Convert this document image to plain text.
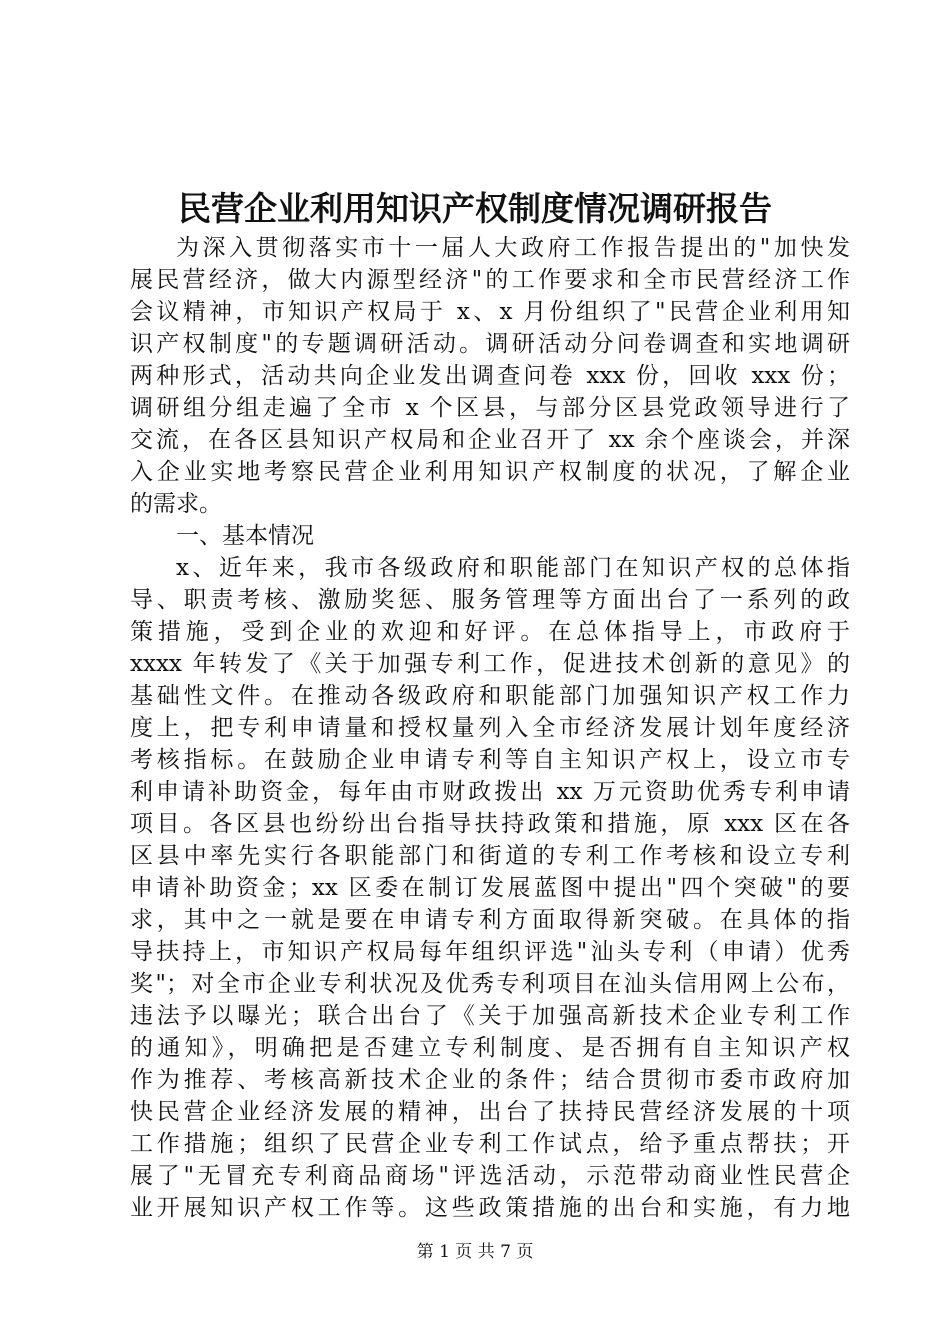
民营企业利用知识产权制度情况调研报告
为深入贯彻落实市十一届人大政府工作报告提出的"加快发
展民营经济，做大内源型经济"的工作要求和全市民营经济工作
会议精神，市知识产权局于 x、x 月份组织了"民营企业利用知
识产权制度"的专题调研活动。调研活动分问卷调查和实地调研
两种形式，活动共向企业发出调查问卷 xxx 份，回收 xxx 份；
调研组分组走遍了全市 x 个区县，与部分区县党政领导进行了
交流，在各区县知识产权局和企业召开了 xx 余个座谈会，并深
入企业实地考察民营企业利用知识产权制度的状况，了解企业
的需求。
一、基本情况
x、近年来，我市各级政府和职能部门在知识产权的总体指
导、职责考核、激励奖惩、服务管理等方面出台了一系列的政
策措施，受到企业的欢迎和好评。在总体指导上，市政府于
xxxx 年转发了《关于加强专利工作，促进技术创新的意见》的
基础性文件。在推动各级政府和职能部门加强知识产权工作力
度上，把专利申请量和授权量列入全市经济发展计划年度经济
考核指标。在鼓励企业申请专利等自主知识产权上，设立市专
利申请补助资金，每年由市财政拨出 xx 万元资助优秀专利申请
项目。各区县也纷纷出台指导扶持政策和措施，原 xxx 区在各
区县中率先实行各职能部门和街道的专利工作考核和设立专利
申请补助资金；xx 区委在制订发展蓝图中提出"四个突破"的要
求，其中之一就是要在申请专利方面取得新突破。在具体的指
导扶持上，市知识产权局每年组织评选"汕头专利（申请）优秀
奖"；对全市企业专利状况及优秀专利项目在汕头信用网上公布，
违法予以曝光；联合出台了《关于加强高新技术企业专利工作
的通知》，明确把是否建立专利制度、是否拥有自主知识产权
作为推荐、考核高新技术企业的条件；结合贯彻市委市政府加
快民营企业经济发展的精神，出台了扶持民营经济发展的十项
工作措施；组织了民营企业专利工作试点，给予重点帮扶；开
展了"无冒充专利商品商场"评选活动，示范带动商业性民营企
业开展知识产权工作等。这些政策措施的出台和实施，有力地
第 1 页 共 7 页
